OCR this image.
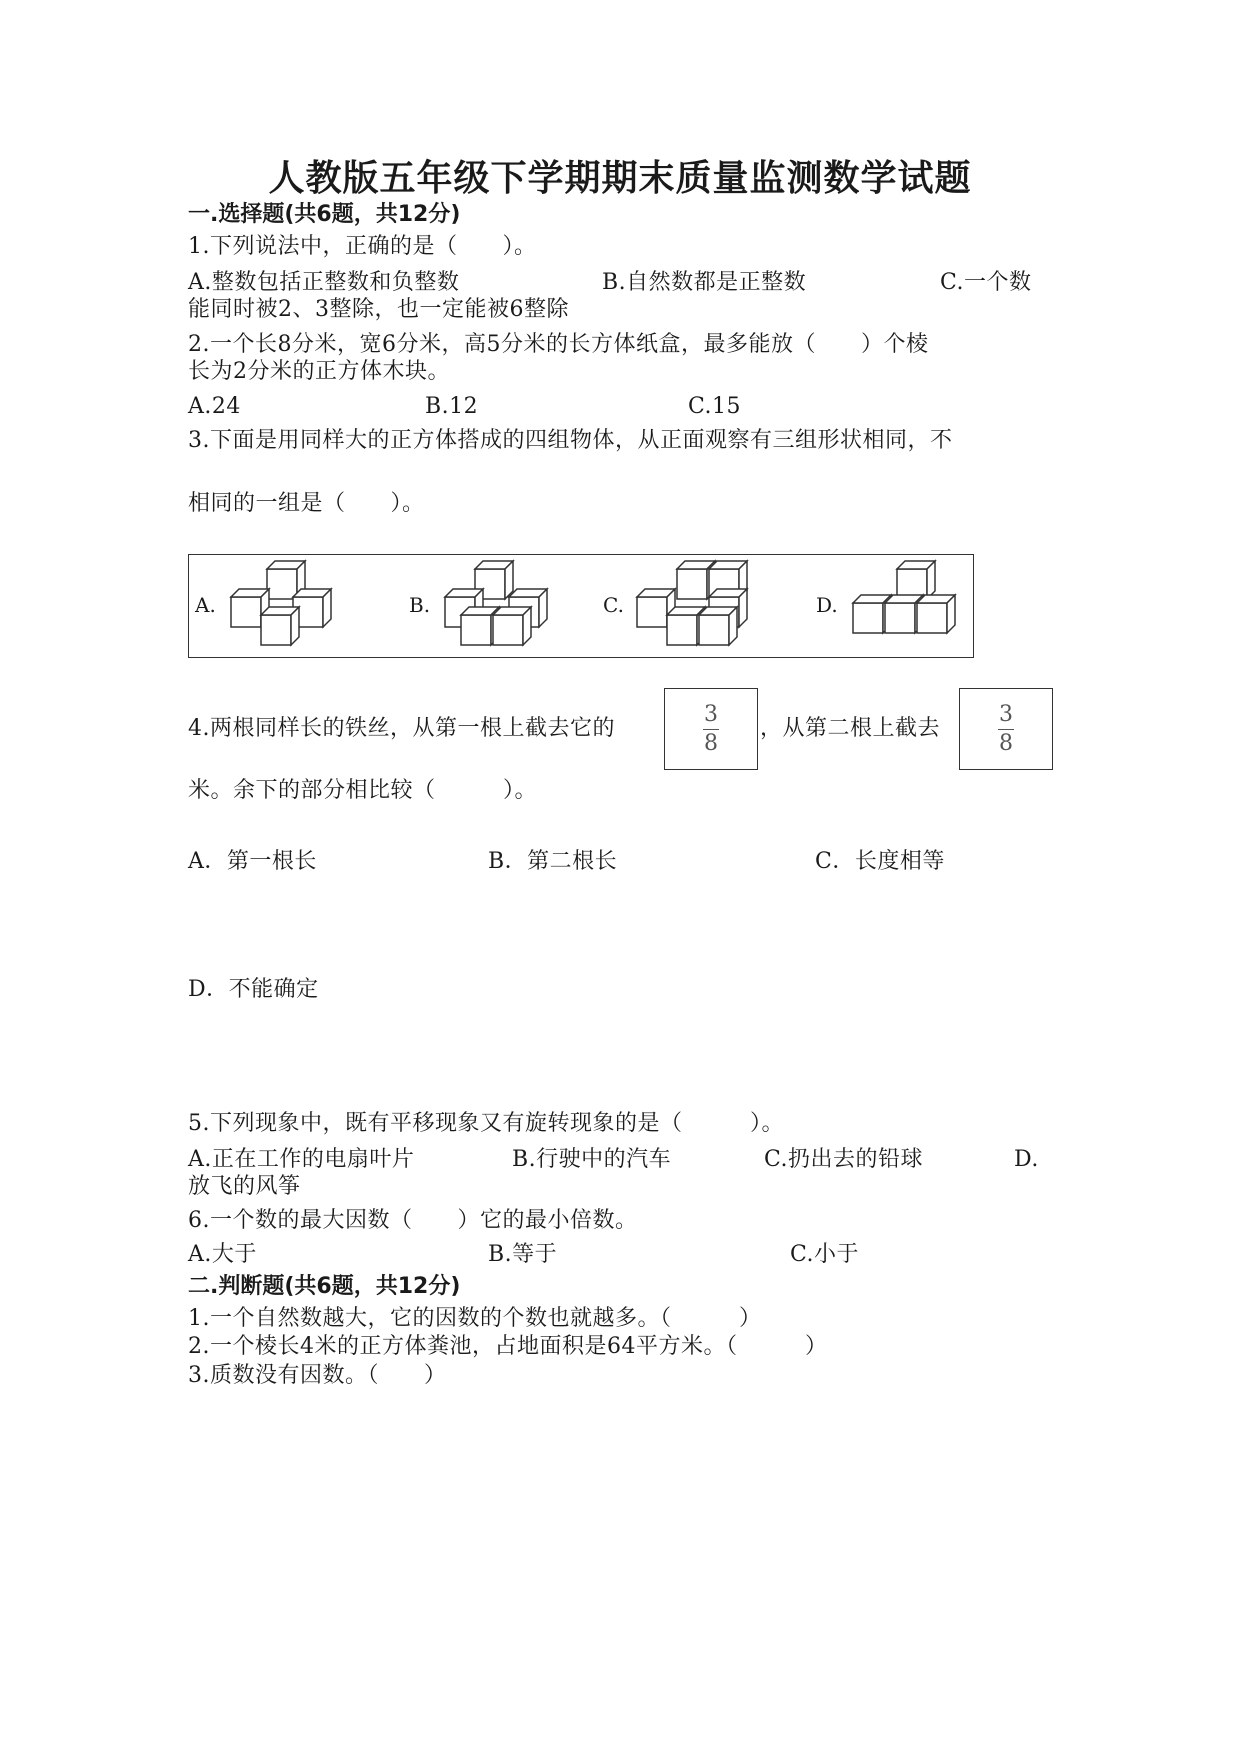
人教版五年级下学期期末质量监测数学试题
一.选择题(共6题，共12分)
1.下列说法中，正确的是（　　）。
A.整数包括正整数和负整数	B.自然数都是正整数	C.一个数
能同时被2、3整除，也一定能被6整除
2.一个长8分米，宽6分米，高5分米的长方体纸盒，最多能放（　　）个棱
长为2分米的正方体木块。
A.24	B.12	C.15
3.下面是用同样大的正方体搭成的四组物体，从正面观察有三组形状相同，不
相同的一组是（　　）。
A.	B.	C.	D.
4.两根同样长的铁丝，从第一根上截去它的	$\frac{3}{8}$ ，从第二根上截去	$\frac{3}{8}$
米。余下的部分相比较（　　　）。
A．第一根长	B．第二根长	C．长度相等
D．不能确定
5.下列现象中，既有平移现象又有旋转现象的是（　　　）。
A.正在工作的电扇叶片	B.行驶中的汽车	C.扔出去的铅球	D.
放飞的风筝
6.一个数的最大因数（　　）它的最小倍数。
A.大于	B.等于	C.小于
二.判断题(共6题，共12分)
1.一个自然数越大，它的因数的个数也就越多。（　　　）
2.一个棱长4米的正方体粪池，占地面积是64平方米。（　　　）
3.质数没有因数。（　　）
